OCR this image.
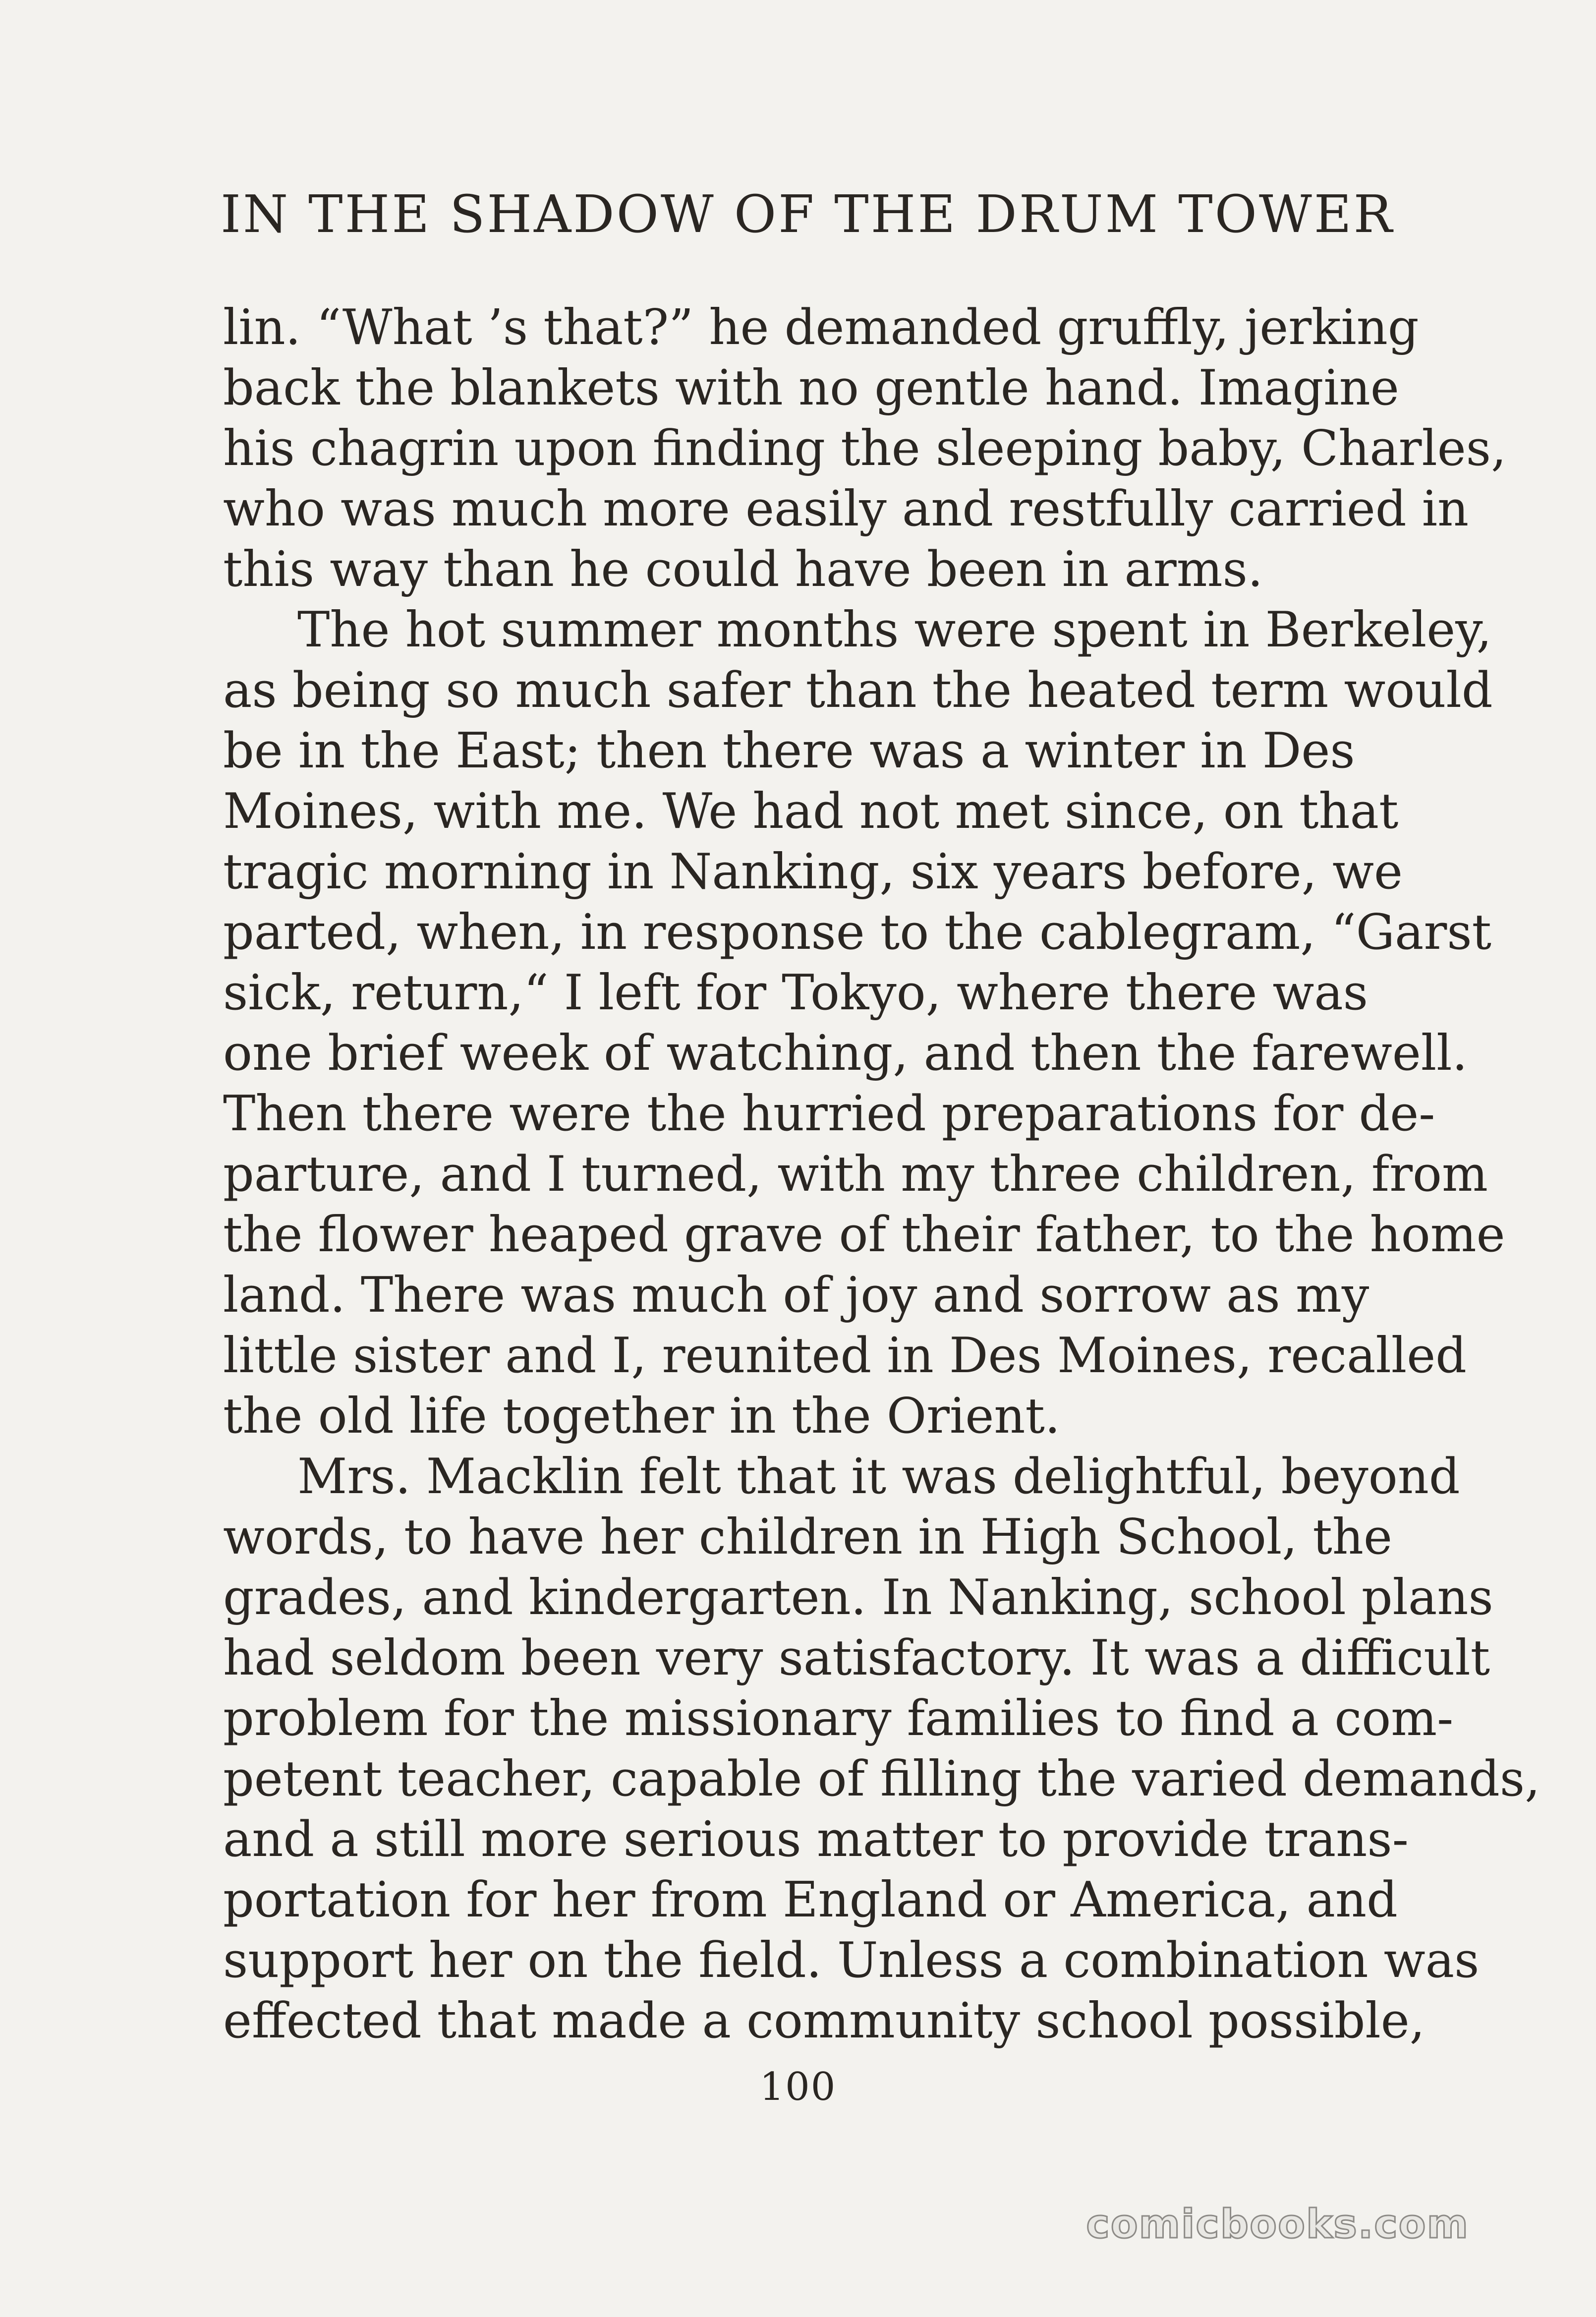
IN THE SHADOW OF THE DRUM TOWER
lin. “What ’s that?” he demanded gruffly, jerking
back the blankets with no gentle hand. Imagine
his chagrin upon finding the sleeping baby, Charles,
who was much more easily and restfully carried in
this way than he could have been in arms.
The hot summer months were spent in Berkeley,
as being so much safer than the heated term would
be in the East; then there was a winter in Des
Moines, with me. We had not met since, on that
tragic morning in Nanking, six years before, we
parted, when, in response to the cablegram, “Garst
sick, return,“ I left for Tokyo, where there was
one brief week of watching, and then the farewell.
Then there were the hurried preparations for de-
parture, and I turned, with my three children, from
the flower heaped grave of their father, to the home
land. There was much of joy and sorrow as my
little sister and I, reunited in Des Moines, recalled
the old life together in the Orient.
Mrs. Macklin felt that it was delightful, beyond
words, to have her children in High School, the
grades, and kindergarten. In Nanking, school plans
had seldom been very satisfactory. It was a difficult
problem for the missionary families to find a com-
petent teacher, capable of filling the varied demands,
and a still more serious matter to provide trans-
portation for her from England or America, and
support her on the field. Unless a combination was
effected that made a community school possible,
100
comicbooks.com
